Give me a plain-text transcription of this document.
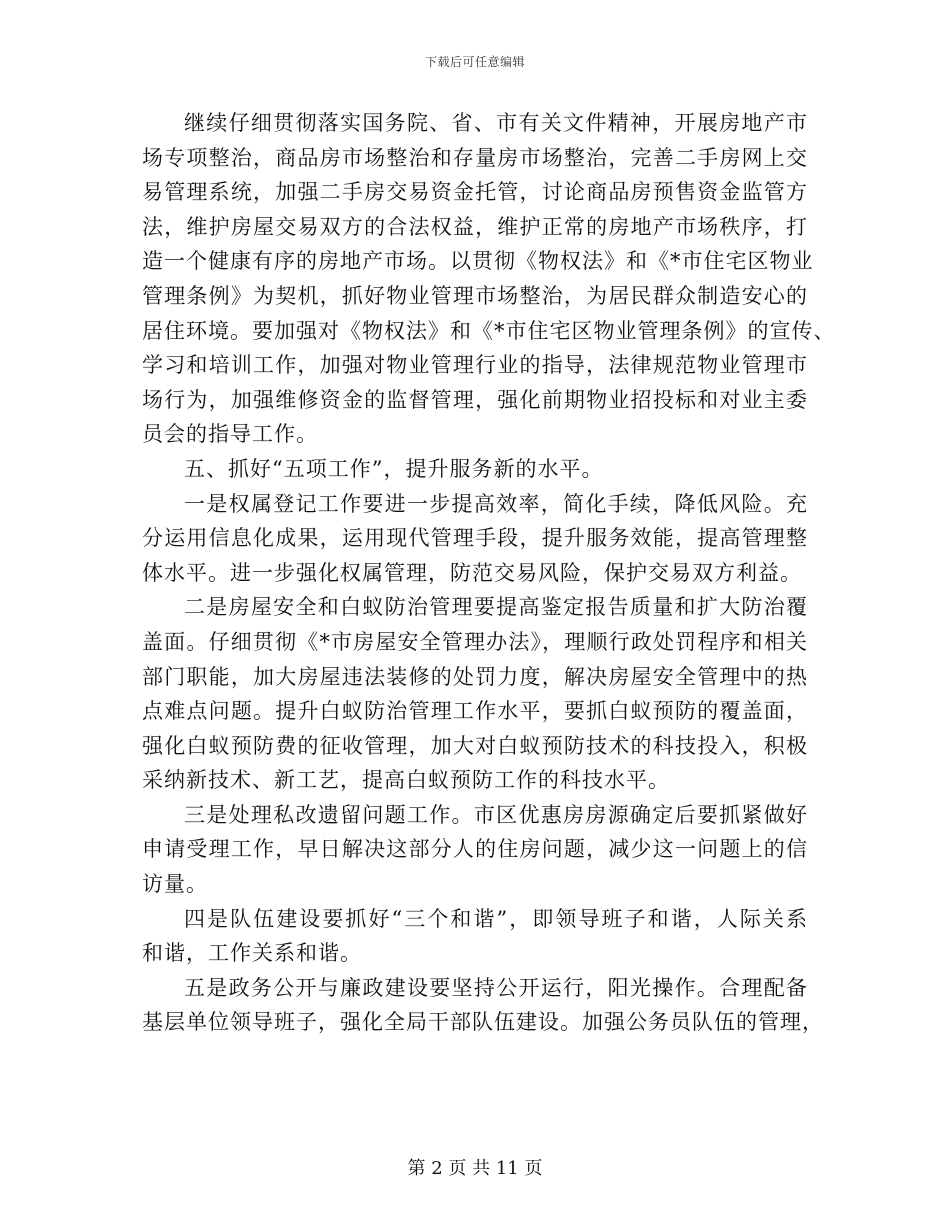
下载后可任意编辑
继续仔细贯彻落实国务院、省、市有关文件精神，开展房地产市
场专项整治，商品房市场整治和存量房市场整治，完善二手房网上交
易管理系统，加强二手房交易资金托管，讨论商品房预售资金监管方
法，维护房屋交易双方的合法权益，维护正常的房地产市场秩序，打
造一个健康有序的房地产市场。以贯彻《物权法》和《*市住宅区物业
管理条例》为契机，抓好物业管理市场整治，为居民群众制造安心的
居住环境。要加强对《物权法》和《*市住宅区物业管理条例》的宣传、
学习和培训工作，加强对物业管理行业的指导，法律规范物业管理市
场行为，加强维修资金的监督管理，强化前期物业招投标和对业主委
员会的指导工作。
五、抓好“五项工作”，提升服务新的水平。
一是权属登记工作要进一步提高效率，简化手续，降低风险。充
分运用信息化成果，运用现代管理手段，提升服务效能，提高管理整
体水平。进一步强化权属管理，防范交易风险，保护交易双方利益。
二是房屋安全和白蚁防治管理要提高鉴定报告质量和扩大防治覆
盖面。仔细贯彻《*市房屋安全管理办法》，理顺行政处罚程序和相关
部门职能，加大房屋违法装修的处罚力度，解决房屋安全管理中的热
点难点问题。提升白蚁防治管理工作水平，要抓白蚁预防的覆盖面，
强化白蚁预防费的征收管理，加大对白蚁预防技术的科技投入，积极
采纳新技术、新工艺，提高白蚁预防工作的科技水平。
三是处理私改遗留问题工作。市区优惠房房源确定后要抓紧做好
申请受理工作，早日解决这部分人的住房问题，减少这一问题上的信
访量。
四是队伍建设要抓好“三个和谐”，即领导班子和谐，人际关系
和谐，工作关系和谐。
五是政务公开与廉政建设要坚持公开运行，阳光操作。合理配备
基层单位领导班子，强化全局干部队伍建设。加强公务员队伍的管理，
第 2 页 共 11 页
